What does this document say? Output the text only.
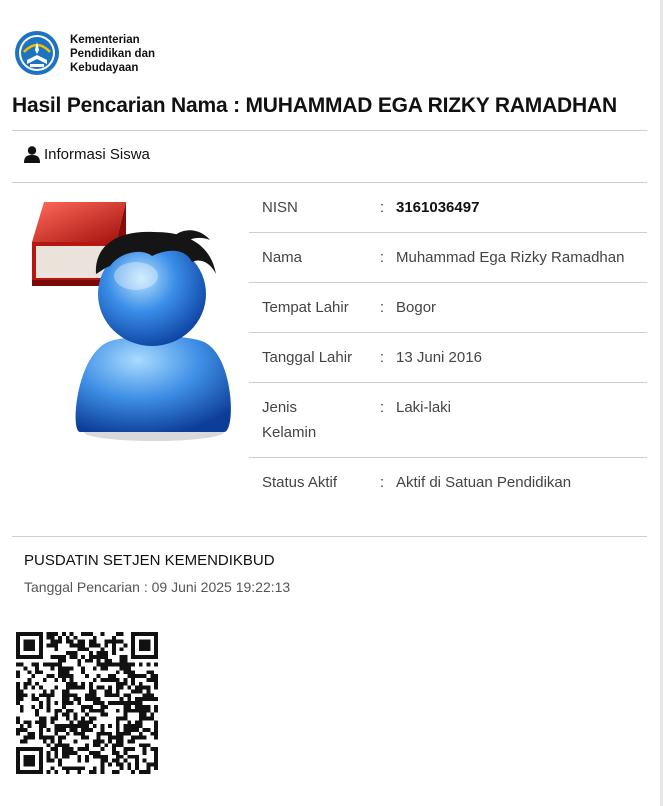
Kementerian
Pendidikan dan
Kebudayaan
Hasil Pencarian Nama : MUHAMMAD EGA RIZKY RAMADHAN
Informasi Siswa
NISN	: 3161036497
Nama	: Muhammad Ega Rizky Ramadhan
Tempat Lahir	: Bogor
Tanggal Lahir	: 13 Juni 2016
Jenis Kelamin
: Laki-laki
Status Aktif	: Aktif di Satuan Pendidikan
PUSDATIN SETJEN KEMENDIKBUD
Tanggal Pencarian : 09 Juni 2025 19:22:13
